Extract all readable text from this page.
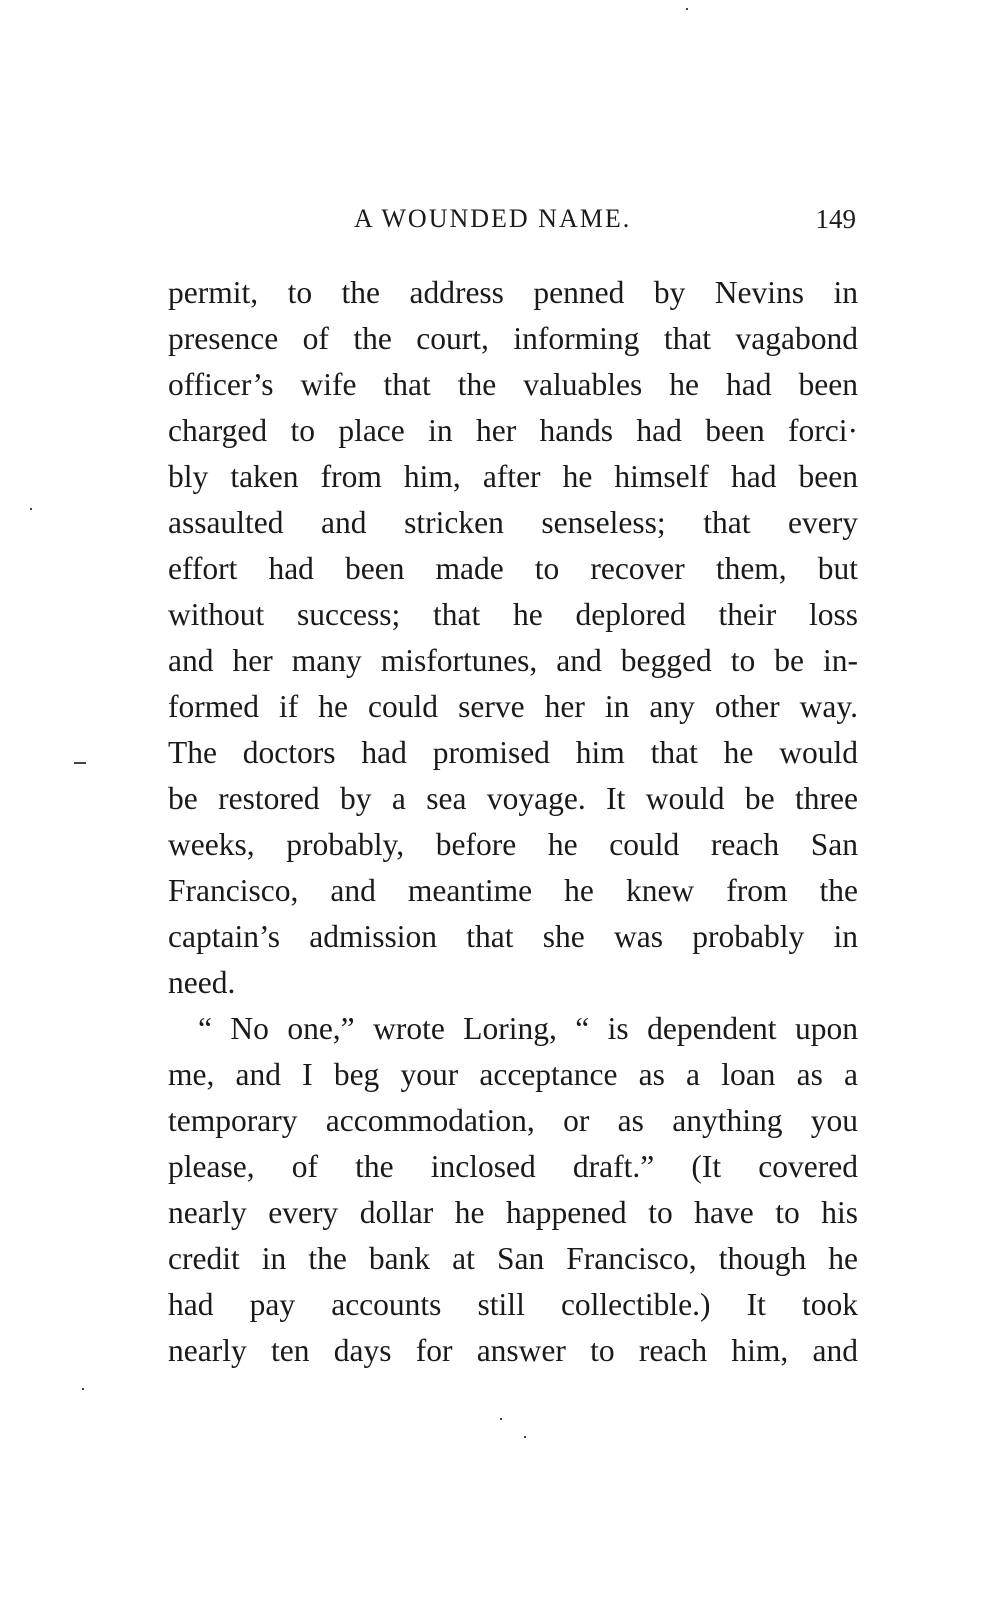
A WOUNDED NAME.	149
permit, to the address penned by Nevins in
presence of the court, informing that vagabond
officer’s wife that the valuables he had been
charged to place in her hands had been forci·
bly taken from him, after he himself had been
assaulted and stricken senseless; that every
effort had been made to recover them, but
without success; that he deplored their loss
and her many misfortunes, and begged to be in-
formed if he could serve her in any other way.
The doctors had promised him that he would
be restored by a sea voyage. It would be three
weeks, probably, before he could reach San
Francisco, and meantime he knew from the
captain’s admission that she was probably in
need.
“ No one,” wrote Loring, “ is dependent upon
me, and I beg your acceptance as a loan as a
temporary accommodation, or as anything you
please, of the inclosed draft.” (It covered
nearly every dollar he happened to have to his
credit in the bank at San Francisco, though he
had pay accounts still collectible.) It took
nearly ten days for answer to reach him, and
